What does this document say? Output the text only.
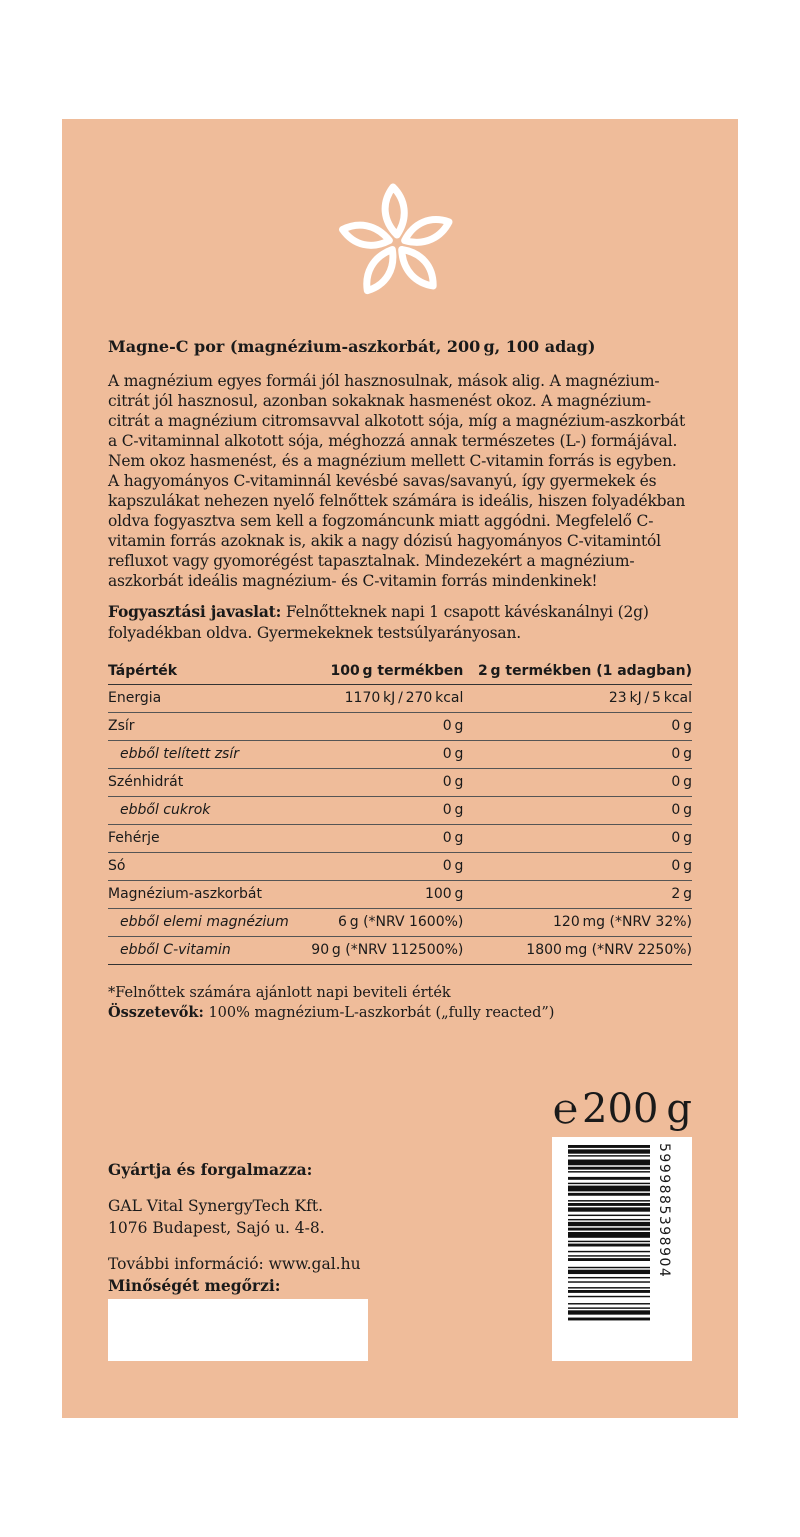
Magne-C por (magnézium-aszkorbát, 200 g, 100 adag)

A magnézium egyes formái jól hasznosulnak, mások alig. A magnézium-citrát jól hasznosul, azonban sokaknak hasmenést okoz. A magnézium-citrát a magnézium citromsavval alkotott sója, míg a magnézium-aszkorbát a C-vitaminnal alkotott sója, méghozzá annak természetes (L-) formájával. Nem okoz hasmenést, és a magnézium mellett C-vitamin forrás is egyben. A hagyományos C-vitaminnál kevésbé savas/savanyú, így gyermekek és kapszulákat nehezen nyelő felnőttek számára is ideális, hiszen folyadékban oldva fogyasztva sem kell a fogzománcunk miatt aggódni. Megfelelő C-vitamin forrás azoknak is, akik a nagy dózisú hagyományos C-vitamintól refluxot vagy gyomorégést tapasztalnak. Mindezekért a magnézium-aszkorbát ideális magnézium- és C-vitamin forrás mindenkinek!

Fogyasztási javaslat: Felnőtteknek napi 1 csapott kávéskanálnyi (2g) folyadékban oldva. Gyermekeknek testsúlyarányosan.

Tápérték	100 g termékben	2 g termékben (1 adagban)
Energia	1170 kJ / 270 kcal	23 kJ / 5 kcal
Zsír	0 g	0 g
ebből telített zsír	0 g	0 g
Szénhidrát	0 g	0 g
ebből cukrok	0 g	0 g
Fehérje	0 g	0 g
Só	0 g	0 g
Magnézium-aszkorbát	100 g	2 g
ebből elemi magnézium	6 g (*NRV 1600%)	120 mg (*NRV 32%)
ebből C-vitamin	90 g (*NRV 112500%)	1800 mg (*NRV 2250%)
*Felnőttek számára ajánlott napi beviteli érték
Összetevők: 100% magnézium-L-aszkorbát („fully reacted”)
℮ 200 g

Gyártja és forgalmazza:

GAL Vital SynergyTech Kft.
1076 Budapest, Sajó u. 4-8.

További információ: www.gal.hu
Minőségét megőrzi:

5999885398904
